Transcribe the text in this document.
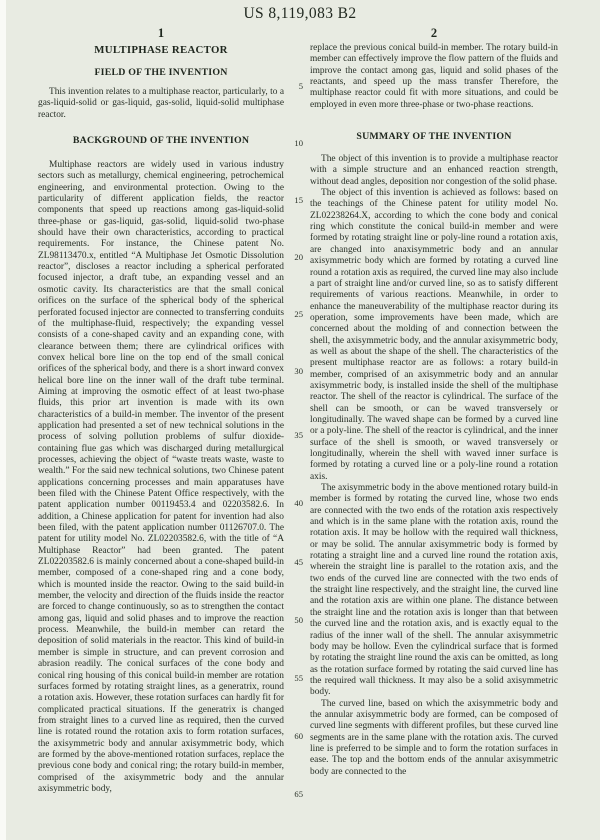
US 8,119,083 B2
1
MULTIPHASE REACTOR
FIELD OF THE INVENTION

This invention relates to a multiphase reactor, particularly, to a gas-liquid-solid or gas-liquid, gas-solid, liquid-solid multiphase reactor.

BACKGROUND OF THE INVENTION

Multiphase reactors are widely used in various industry sectors such as metallurgy, chemical engineering, petrochemical engineering, and environmental protection. Owing to the particularity of different application fields, the reactor components that speed up reactions among gas-liquid-solid three-phase or gas-liquid, gas-solid, liquid-solid two-phase should have their own characteristics, according to practical requirements. For instance, the Chinese patent No. ZL98113470.x, entitled “A Multiphase Jet Osmotic Dissolution reactor”, discloses a reactor including a spherical perforated focused injector, a draft tube, an expanding vessel and an osmotic cavity. Its characteristics are that the small conical orifices on the surface of the spherical body of the spherical perforated focused injector are connected to transferring conduits of the multiphase-fluid, respectively; the expanding vessel consists of a cone-shaped cavity and an expanding cone, with clearance between them; there are cylindrical orifices with convex helical bore line on the top end of the small conical orifices of the spherical body, and there is a short inward convex helical bore line on the inner wall of the draft tube terminal. Aiming at improving the osmotic effect of at least two-phase fluids, this prior art invention is made with its own characteristics of a build-in member. The inventor of the present application had presented a set of new technical solutions in the process of solving pollution problems of sulfur dioxide-containing flue gas which was discharged during metallurgical processes, achieving the object of “waste treats waste, waste to wealth.” For the said new technical solutions, two Chinese patent applications concerning processes and main apparatuses have been filed with the Chinese Patent Office respectively, with the patent application number 00119453.4 and 02203582.6. In addition, a Chinese application for patent for invention had also been filed, with the patent application number 01126707.0. The patent for utility model No. ZL02203582.6, with the title of “A Multiphase Reactor” had been granted. The patent ZL02203582.6 is mainly concerned about a cone-shaped build-in member, composed of a cone-shaped ring and a cone body, which is mounted inside the reactor. Owing to the said build-in member, the velocity and direction of the fluids inside the reactor are forced to change continuously, so as to strengthen the contact among gas, liquid and solid phases and to improve the reaction process. Meanwhile, the build-in member can retard the deposition of solid materials in the reactor. This kind of build-in member is simple in structure, and can prevent corrosion and abrasion readily. The conical surfaces of the cone body and conical ring housing of this conical build-in member are rotation surfaces formed by rotating straight lines, as a generatrix, round a rotation axis. However, these rotation surfaces can hardly fit for complicated practical situations. If the generatrix is changed from straight lines to a curved line as required, then the curved line is rotated round the rotation axis to form rotation surfaces, the axisymmetric body and annular axisymmetric body, which are formed by the above-mentioned rotation surfaces, replace the previous cone body and conical ring; the rotary build-in member, comprised of the axisymmetric body and the annular axisymmetric body,

5
10
15
20
25
30
35
40
45
50
55
60
65
2

replace the previous conical build-in member. The rotary build-in member can effectively improve the flow pattern of the fluids and improve the contact among gas, liquid and solid phases of the reactants, and speed up the mass transfer Therefore, the multiphase reactor could fit with more situations, and could be employed in even more three-phase or two-phase reactions.

SUMMARY OF THE INVENTION

The object of this invention is to provide a multiphase reactor with a simple structure and an enhanced reaction strength, without dead angles, deposition nor congestion of the solid phase.

The object of this invention is achieved as follows: based on the teachings of the Chinese patent for utility model No. ZL02238264.X, according to which the cone body and conical ring which constitute the conical build-in member and were formed by rotating straight line or poly-line round a rotation axis, are changed into anaxisymmetric body and an annular axisymmetric body which are formed by rotating a curved line round a rotation axis as required, the curved line may also include a part of straight line and/or curved line, so as to satisfy different requirements of various reactions. Meanwhile, in order to enhance the maneuverability of the multiphase reactor during its operation, some improvements have been made, which are concerned about the molding of and connection between the shell, the axisymmetric body, and the annular axisymmetric body, as well as about the shape of the shell. The characteristics of the present multiphase reactor are as follows: a rotary build-in member, comprised of an axisymmetric body and an annular axisymmetric body, is installed inside the shell of the multiphase reactor. The shell of the reactor is cylindrical. The surface of the shell can be smooth, or can be waved transversely or longitudinally. The waved shape can be formed by a curved line or a poly-line. The shell of the reactor is cylindrical, and the inner surface of the shell is smooth, or waved transversely or longitudinally, wherein the shell with waved inner surface is formed by rotating a curved line or a poly-line round a rotation axis.

The axisymmetric body in the above mentioned rotary build-in member is formed by rotating the curved line, whose two ends are connected with the two ends of the rotation axis respectively and which is in the same plane with the rotation axis, round the rotation axis. It may be hollow with the required wall thickness, or may be solid. The annular axisymmetric body is formed by rotating a straight line and a curved line round the rotation axis, wherein the straight line is parallel to the rotation axis, and the two ends of the curved line are connected with the two ends of the straight line respectively, and the straight line, the curved line and the rotation axis are within one plane. The distance between the straight line and the rotation axis is longer than that between the curved line and the rotation axis, and is exactly equal to the radius of the inner wall of the shell. The annular axisymmetric body may be hollow. Even the cylindrical surface that is formed by rotating the straight line round the axis can be omitted, as long as the rotation surface formed by rotating the said curved line has the required wall thickness. It may also be a solid axisymmetric body.

The curved line, based on which the axisymmetric body and the annular axisymmetric body are formed, can be composed of curved line segments with different profiles, but these curved line segments are in the same plane with the rotation axis. The curved line is preferred to be simple and to form the rotation surfaces in ease. The top and the bottom ends of the annular axisymmetric body are connected to the
